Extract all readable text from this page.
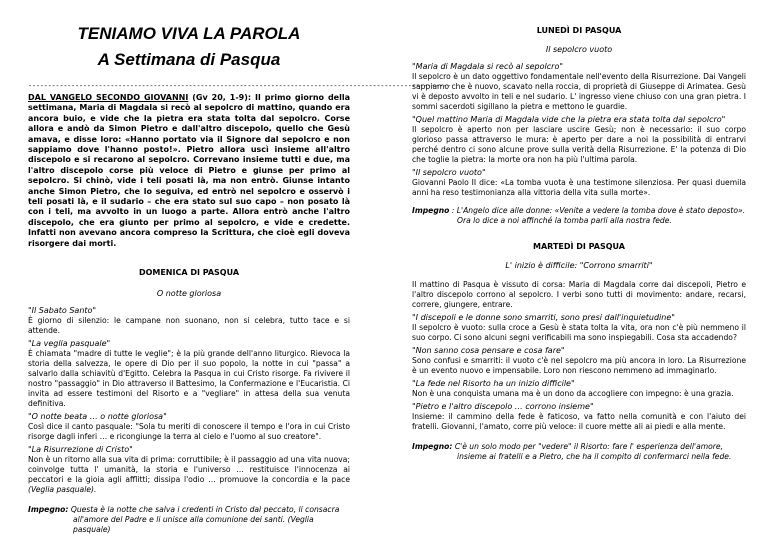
TENIAMO VIVA LA PAROLA
A Settimana di Pasqua
------------------------------------------------------------------------------------------------------------
DAL VANGELO SECONDO GIOVANNI (Gv 20, 1-9): Il primo giorno della settimana, Maria di Magdala si recò al sepolcro di mattino, quando era ancora buio, e vide che la pietra era stata tolta dal sepolcro. Corse allora e andò da Simon Pietro e dall'altro discepolo, quello che Gesù amava, e disse loro: «Hanno portato via il Signore dal sepolcro e non sappiamo dove l'hanno posto!». Pietro allora uscì insieme all'altro discepolo e si recarono al sepolcro. Correvano insieme tutti e due, ma l'altro discepolo corse più veloce di Pietro e giunse per primo al sepolcro. Si chinò, vide i teli posati là, ma non entrò. Giunse intanto anche Simon Pietro, che lo seguiva, ed entrò nel sepolcro e osservò i teli posati là, e il sudario – che era stato sul suo capo – non posato là con i teli, ma avvolto in un luogo a parte. Allora entrò anche l'altro discepolo, che era giunto per primo al sepolcro, e vide e credette. Infatti non avevano ancora compreso la Scrittura, che cioè egli doveva risorgere dai morti.
DOMENICA DI PASQUA
O notte gloriosa
"Il Sabato Santo"
È giorno di silenzio: le campane non suonano, non si celebra, tutto tace e si attende.
"La veglia pasquale"
È chiamata "madre di tutte le veglie"; è la più grande dell'anno liturgico. Rievoca la storia della salvezza, le opere di Dio per il suo popolo, la notte in cui "passa" a salvarlo dalla schiavitù d'Egitto. Celebra la Pasqua in cui Cristo risorge. Fa rivivere il nostro "passaggio" in Dio attraverso il Battesimo, la Confermazione e l'Eucaristia. Ci invita ad essere testimoni del Risorto e a "vegliare" in attesa della sua venuta definitiva.
"O notte beata … o notte gloriosa"
Così dice il canto pasquale: "Sola tu meriti di conoscere il tempo e l'ora in cui Cristo risorge dagli inferi … e ricongiunge la terra al cielo e l'uomo al suo creatore".
"La Risurrezione di Cristo"
Non è un ritorno alla sua vita di prima: corruttibile; è il passaggio ad una vita nuova; coinvolge tutta l' umanità, la storia e l'universo … restituisce l'innocenza ai peccatori e la gioia agli afflitti; dissipa l'odio … promuove la concordia e la pace (Veglia pasquale).
Impegno: Questa è la notte che salva i credenti in Cristo dal peccato, li consacra
all'amore del Padre e li unisce alla comunione dei santi. (Veglia pasquale)
LUNEDÌ DI PASQUA
Il sepolcro vuoto
"Maria di Magdala si recò al sepolcro"
Il sepolcro è un dato oggettivo fondamentale nell'evento della Risurrezione. Dai Vangeli sappiamo che è nuovo, scavato nella roccia, di proprietà di Giuseppe di Arimatea. Gesù vi è deposto avvolto in teli e nel sudario. L' ingresso viene chiuso con una gran pietra. I sommi sacerdoti sigillano la pietra e mettono le guardie.
"Quel mattino Maria di Magdala vide che la pietra era stata tolta dal sepolcro"
Il sepolcro è aperto non per lasciare uscire Gesù; non è necessario: il suo corpo glorioso passa attraverso le mura: è aperto per dare a noi la possibilità di entrarvi perché dentro ci sono alcune prove sulla verità della Risurrezione. E' la potenza di Dio che toglie la pietra: la morte ora non ha più l'ultima parola.
"Il sepolcro vuoto"
Giovanni Paolo II dice: «La tomba vuota è una testimone silenziosa. Per quasi duemila anni ha reso testimonianza alla vittoria della vita sulla morte».
Impegno : L'Angelo dice alle donne: «Venite a vedere la tomba dove è stato deposto».
Ora lo dice a noi affinché la tomba parli alla nostra fede.
MARTEDÌ DI PASQUA
L' inizio è difficile: "Corrono smarriti"
Il mattino di Pasqua è vissuto di corsa: Maria di Magdala corre dai discepoli, Pietro e l'altro discepolo corrono al sepolcro. I verbi sono tutti di movimento: andare, recarsi, correre, giungere, entrare.
"I discepoli e le donne sono smarriti, sono presi dall'inquietudine"
Il sepolcro è vuoto: sulla croce a Gesù è stata tolta la vita, ora non c'è più nemmeno il suo corpo. Ci sono alcuni segni verificabili ma sono inspiegabili. Cosa sta accadendo?
"Non sanno cosa pensare e cosa fare"
Sono confusi e smarriti: il vuoto c'è nel sepolcro ma più ancora in loro. La Risurrezione è un evento nuovo e impensabile. Loro non riescono nemmeno ad immaginarlo.
"La fede nel Risorto ha un inizio difficile"
Non è una conquista umana ma è un dono da accogliere con impegno: è una grazia.
"Pietro e l'altro discepolo … corrono insieme"
Insieme: il cammino della fede è faticoso, va fatto nella comunità e con l'aiuto dei fratelli. Giovanni, l'amato, corre più veloce: il cuore mette ali ai piedi e alla mente.
Impegno: C'è un solo modo per "vedere" il Risorto: fare l' esperienza dell'amore,
insieme ai fratelli e a Pietro, che ha il compito di confermarci nella fede.
